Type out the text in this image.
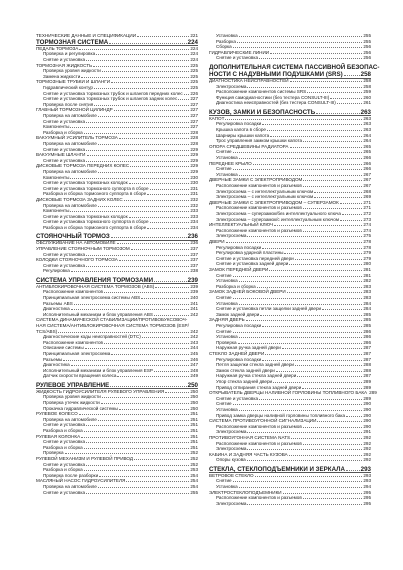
ТЕХНИЧЕСКИЕ ДАННЫЕ И СПЕЦИФИКАЦИИ	221
ТОРМОЗНАЯ СИСТЕМА	224
ПЕДАЛЬ ТОРМОЗА	224
Проверка и регулировка	224
Снятие и установка	224
ТОРМОЗНАЯ ЖИДКОСТЬ	225
Проверка уровня жидкости	225
Замена жидкости	225
ТОРМОЗНЫЕ ТРУБКИ И ШЛАНГИ	225
Гидравлический контур	225
Снятие и установка тормозных трубок и шлангов передних колес 226
Снятие и установка тормозных трубок и шлангов задних колес	227
Проверка после снятия	227
ГЛАВНЫЙ ТОРМОЗНОЙ ЦИЛИНДР	227
Проверка на автомобиле	227
Снятие и установка	227
Компоненты	227
Разборка и сборка	228
ВАКУУМНЫЙ УСИЛИТЕЛЬ ТОРМОЗА	228
Проверка на автомобиле	228
Снятие и установка	229
ВАКУУМНЫЕ ШЛАНГИ	229
Снятие и установка	229
ДИСКОВЫЕ ТОРМОЗА ПЕРЕДНИХ КОЛЕС	229
Проверка на автомобиле	229
Компоненты	230
Снятие и установка тормозных колодок	230
Снятие и установка тормозного суппорта в сборе	231
Разборка и сборка тормозного суппорта в сборе	231
ДИСКОВЫЕ ТОРМОЗА ЗАДНИХ КОЛЕС	232
Проверка на автомобиле	232
Компоненты	233
Снятие и установка тормозных колодок	233
Снятие и установка тормозного суппорта в сборе	234
Разборка и сборка тормозного суппорта в сборе	234
СТОЯНОЧНЫЙ ТОРМОЗ	236
ОБСЛУЖИВАНИЕ НА АВТОМОБИЛЕ	236
УПРАВЛЕНИЕ СТОЯНОЧНЫМ ТОРМОЗОМ	237
Снятие и установка	237
КОЛОДКИ СТОЯНОЧНОГО ТОРМОЗА	237
Снятие и установка	237
Регулировка	238
СИСТЕМА УПРАВЛЕНИЯ ТОРМОЗАМИ	239
АНТИБЛОКИРОВОЧНАЯ СИСТЕМА ТОРМОЗОВ (ABS)	239
Расположение компонентов	239
Принципиальная электросхема системы ABS	240
Разъемы ABS	241
Диагностика	241
Исполнительный механизм и блок управления ABS	242
СИСТЕМА ДИНАМИЧЕСКОЙ СТАБИЛИЗАЦИИ/ПРОТИВОБУКСОВОЧ-
НАЯ СИСТЕМА/АНТИБЛОКИРОВОЧНАЯ СИСТЕМА ТОРМОЗОВ (ESP/
TCS/ABS)	242
Диагностические коды неисправностей (DTC)	242
Расположение компонентов	243
Описание системы	244
Принципиальная электросхема	245
Разъемы	246
Диагностика	247
Исполнительный механизм и блок управления ESP	248
Датчик скорости вращения колеса	249
РУЛЕВОЕ УПРАВЛЕНИЕ	250
ЖИДКОСТЬ ГИДРОУСИЛИТЕЛЯ РУЛЕВОГО УПРАВЛЕНИЯ	250
Проверка уровня жидкости	250
Проверка утечек жидкости	250
Прокачка гидравлической системы	250
РУЛЕВОЕ КОЛЕСО	251
Проверка на автомобиле	251
Снятие и установка	251
Разборка и сборка	251
РУЛЕВАЯ КОЛОНКА	251
Снятие и установка	251
Разборка и сборка	251
Проверка	252
РУЛЕВОЙ МЕХАНИЗМ И РУЛЕВОЙ ПРИВОД	252
Снятие и установка	252
Разборка и сборка	253
Проверка после разборки	254
МАСЛЯНЫЙ НАСОС ГИДРОУСИЛИТЕЛЯ	254
Проверка на автомобиле	254
Снятие и установка	255
Установка	255
Разборка	255
Сборка	256
ГИДРАВЛИЧЕСКИЕ ЛИНИИ	256
Снятие и установка	256
ДОПОЛНИТЕЛЬНАЯ СИСТЕМА ПАССИВНОЙ БЕЗОПАС-
НОСТИ С НАДУВНЫМИ ПОДУШКАМИ (SRS)	258
ДИАГНОСТИКА НЕИСПРАВНОСТЕЙ	258
Электросхема	258
Расположение компонентов системы SRS	259
Функция самодиагностики (без тестера CONSULT-III)	260
Диагностика неисправностей (без тестера CONSULT-III)	261
КУЗОВ, ЗАМКИ И БЕЗОПАСНОСТЬ	263
КАПОТ	263
Регулировка посадки	263
Крышка капота в сборе	263
Шарниры крышки капота	264
Трос управления замком крышки капота	264
ОПОРА СРЕДШЕВИНЫ РАДИАТОРА	265
Снятие	265
Установка	266
ПЕРЕДНЕЕ КРЫЛО	266
Снятие	266
Установка	267
ДВЕРНЫЕ ЗАМКИ С ЭЛЕКТРОПРИВОДОМ	267
Расположение компонентов и разъемов	267
Электросхема – с интеллектуальным ключом	268
Электросхема – с интеллектуальным ключом	269
ДВЕРНЫЕ ЗАМКИ С ЭЛЕКТРОПРИВОДОМ – СУПЕРЗАМОК	271
Расположение компонентов и разъемов	271
Электросхема – суперзамок/без интеллектуального ключа	272
Электросхема – суперзамок/с интеллектуальным ключом	273
ИНТЕЛЛЕКТУАЛЬНЫЙ КЛЮЧ	274
Расположение компонентов и разъемов	274
Электросхема	275
ДВЕРИ	278
Регулировка посадки	278
Регулировка ударной пластины	279
Снятие и установка передней двери	279
Снятие и установка задней двери	280
ЗАМОК ПЕРЕДНЕЙ ДВЕРИ	281
Снятие	281
Установка	282
Разборка и сборка	283
ЗАМОК ЗАДНЕЙ БОКОВОЙ ДВЕРИ	283
Снятие	283
Установка	284
Снятие и установка петли защелки задней двери	284
Замок задней двери	285
ЗАДНЯЯ ДВЕРЬ	285
Регулировка посадки	285
Снятие	286
Установка	286
Проверка	286
Наружная ручка задней двери	287
СТЕКЛО ЗАДНЕЙ ДВЕРИ	287
Регулировка посадки	287
Петля защелки стекла задней двери	288
Замок стекла задней двери	288
Наружная ручка стекла задней двери	287
Упор стекла задней двери	289
Привод отпирания стекла задней двери	289
ОТКРЫВАТЕЛЬ ДВЕРЦЫ НАЛИВНОЙ ГОРЛОВИНЫ ТОПЛИВНОГО БАКА 289
Снятие и установка	289
Снятие	290
Установка	290
Привод замка дверцы наливной горловины топливного бака	290
СИСТЕМА ПРОТИВОУГОННОЙ СИГНАЛИЗАЦИИ	290
Расположение компонентов и разъемов	290
Электросхема	291
ПРОТИВОУГОННАЯ СИСТЕМА NATS	292
Расположение компонентов и разъемов	292
Электросхема	292
КАБИНА И ЗАДНЯЯ ЧАСТЬ КУЗОВА	292
Опоры кузова	292
СТЕКЛА, СТЕКЛОПОДЪЕМНИКИ И ЗЕРКАЛА	293
ВЕТРОВОЕ СТЕКЛО	293
Снятие	293
Установка	294
ЭЛЕКТРОСТЕКЛОПОДЪЕМНИКИ	295
Расположение компонентов и разъемов	295
Электросхема	295
